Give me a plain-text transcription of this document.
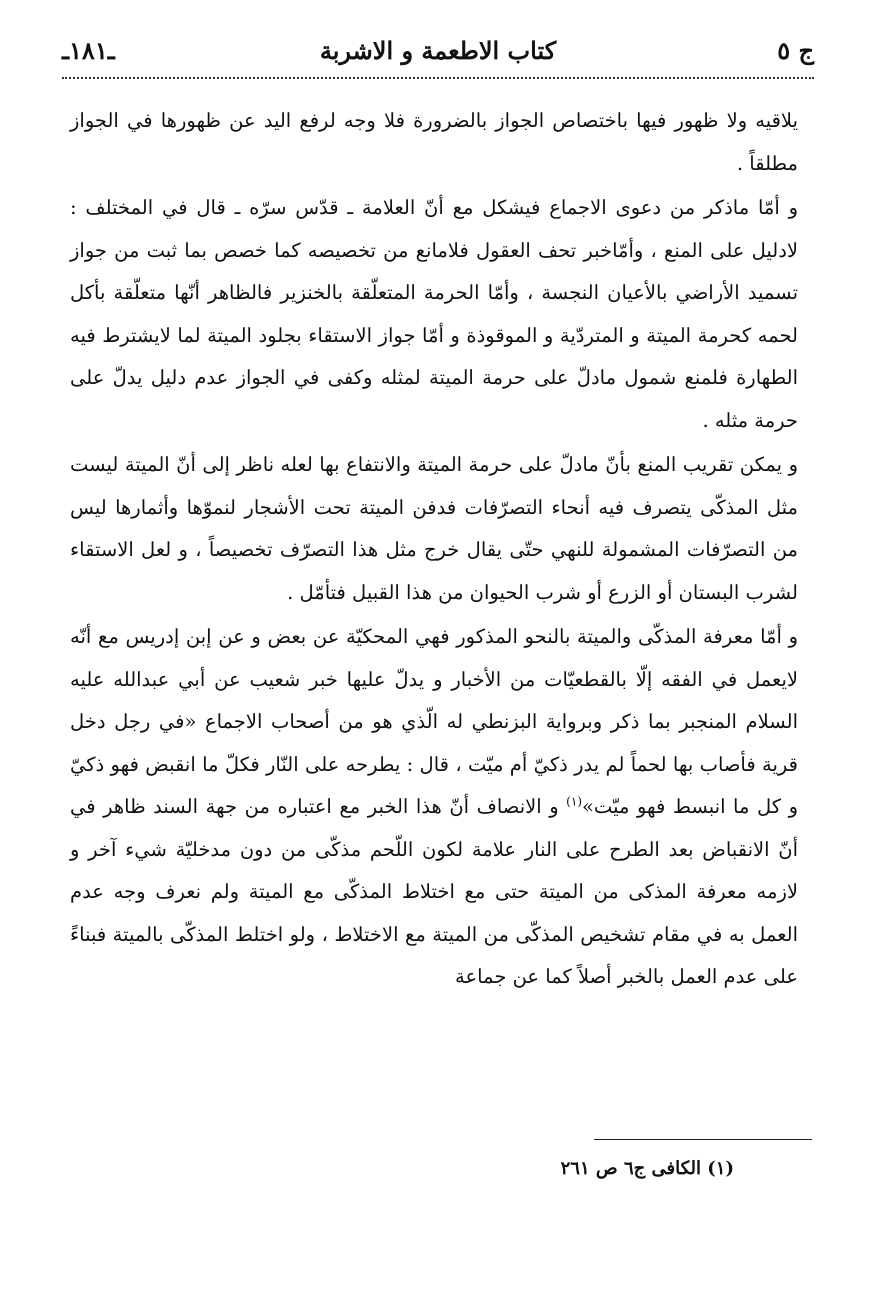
ج ٥
كتاب الاطعمة و الاشربة
ـ١٨١ـ

يلاقيه ولا ظهور فيها باختصاص الجواز بالضرورة فلا وجه لرفع اليد عن ظهورها في الجواز مطلقاً .

و أمّا ماذكر من دعوى الاجماع فيشكل مع أنّ العلامة ـ قدّس سرّه ـ قال في المختلف : لادليل على المنع ، وأمّاخبر تحف العقول فلامانع من تخصيصه كما خصص بما ثبت من جواز تسميد الأراضي بالأعيان النجسة ، وأمّا الحرمة المتعلّقة بالخنزير فالظاهر أنّها متعلّقة بأكل لحمه كحرمة الميتة و المتردّية و الموقوذة و أمّا جواز الاستقاء بجلود الميتة لما لايشترط فيه الطهارة فلمنع شمول مادلّ على حرمة الميتة لمثله وكفى في الجواز عدم دليل يدلّ على حرمة مثله .

و يمكن تقريب المنع بأنّ مادلّ على حرمة الميتة والانتفاع بها لعله ناظر إلى أنّ الميتة ليست مثل المذكّى يتصرف فيه أنحاء التصرّفات فدفن الميتة تحت الأشجار لنموّها وأثمارها ليس من التصرّفات المشمولة للنهي حتّى يقال خرج مثل هذا التصرّف تخصيصاً ، و لعل الاستقاء لشرب البستان أو الزرع أو شرب الحيوان من هذا القبيل فتأمّل .

و أمّا معرفة المذكّى والميتة بالنحو المذكور فهي المحكيّة عن بعض و عن إبن إدريس مع أنّه لايعمل في الفقه إلّا بالقطعيّات من الأخبار و يدلّ عليها خبر شعيب عن أبي عبدالله عليه السلام المنجبر بما ذكر وبرواية البزنطي له الّذي هو من أصحاب الاجماع «في رجل دخل قرية فأصاب بها لحماً لم يدر ذكيّ أم ميّت ، قال : يطرحه على النّار فكلّ ما انقبض فهو ذكيّ و كل ما انبسط فهو ميّت»$^{(١)}$ و الانصاف أنّ هذا الخبر مع اعتباره من جهة السند ظاهر في أنّ الانقباض بعد الطرح على النار علامة لكون اللّحم مذكّى من دون مدخليّة شيء آخر و لازمه معرفة المذكى من الميتة حتى مع اختلاط المذكّى مع الميتة ولم نعرف وجه عدم العمل به في مقام تشخيص المذكّى من الميتة مع الاختلاط ، ولو اختلط المذكّى بالميتة فبناءً على عدم العمل بالخبر أصلاً كما عن جماعة

(١) الكافى ج٦ ص ٢٦١
